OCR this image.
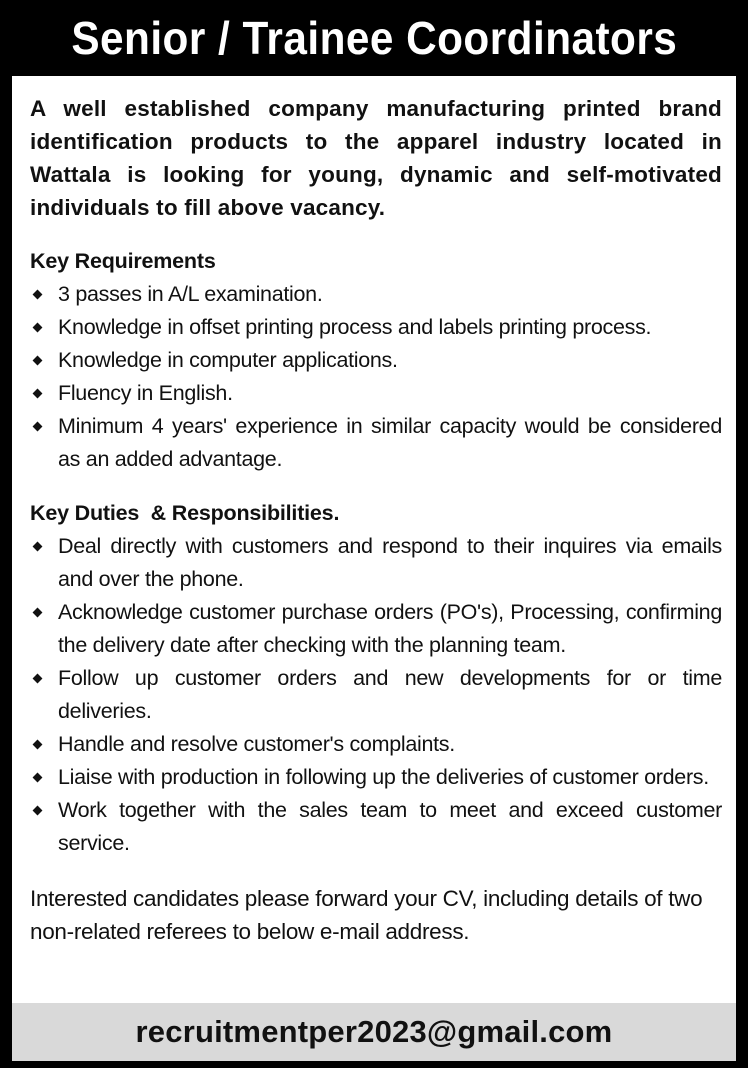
Senior / Trainee Coordinators

A well established company manufacturing printed brand identification products to the apparel industry located in Wattala is looking for young, dynamic and self-motivated individuals to fill above vacancy.

Key Requirements
3 passes in A/L examination.
Knowledge in offset printing process and labels printing process.
Knowledge in computer applications.
Fluency in English.
Minimum 4 years' experience in similar capacity would be considered as an added advantage.
Key Duties  & Responsibilities.
Deal directly with customers and respond to their inquires via emails and over the phone.
Acknowledge customer purchase orders (PO's), Processing, confirming the delivery date after checking with the planning team.
Follow up customer orders and new developments for or time deliveries.
Handle and resolve customer's complaints.
Liaise with production in following up the deliveries of customer orders.
Work together with the sales team to meet and exceed customer service.

Interested candidates please forward your CV, including details of two non-related referees to below e-mail address.

recruitmentper2023@gmail.com
